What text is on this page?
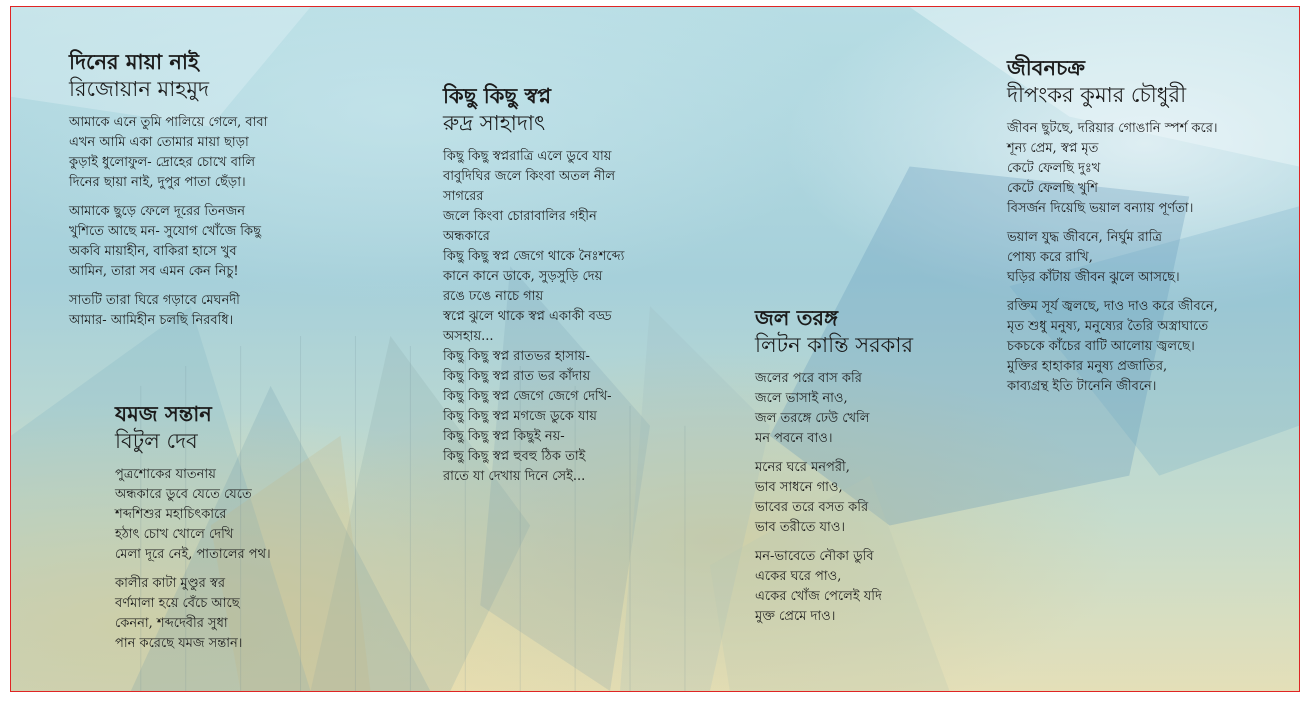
দিনের মায়া নাই
রিজোয়ান মাহমুদ
আমাকে এনে তুমি পালিয়ে গেলে, বাবা
এখন আমি একা তোমার মায়া ছাড়া
কুড়াই ধুলোফুল- দ্রোহের চোখে বালি
দিনের ছায়া নাই, দুপুর পাতা ছেঁড়া।
আমাকে ছুড়ে ফেলে দূরের তিনজন
খুশিতে আছে মন- সুযোগ খোঁজে কিছু
অকবি মায়াহীন, বাকিরা হাসে খুব
আমিন, তারা সব এমন কেন নিচু!
সাতটি তারা ঘিরে গড়াবে মেঘনদী
আমার- আমিহীন চলছি নিরবধি।
যমজ সন্তান
বিটুল দেব
পুত্রশোকের যাতনায়
অন্ধকারে ডুবে যেতে যেতে
শব্দশিশুর মহাচিৎকারে
হঠাৎ চোখ খোলে দেখি
মেলা দূরে নেই, পাতালের পথ।
কালীর কাটা মুণ্ডুর স্বর
বর্ণমালা হয়ে বেঁচে আছে
কেননা, শব্দদেবীর সুধা
পান করেছে যমজ সন্তান।
কিছু কিছু স্বপ্ন
রুদ্র সাহাদাৎ
কিছু কিছু স্বপ্নরাত্রি এলে ডুবে যায়
বাবুদিঘির জলে কিংবা অতল নীল
সাগরের
জলে কিংবা চোরাবালির গহীন
অন্ধকারে
কিছু কিছু স্বপ্ন জেগে থাকে নৈঃশব্দ্যে
কানে কানে ডাকে, সুড়সুড়ি দেয়
রঙে ঢঙে নাচে গায়
স্বপ্নে ঝুলে থাকে স্বপ্ন একাকী বড্ড
অসহায়...
কিছু কিছু স্বপ্ন রাতভর হাসায়-
কিছু কিছু স্বপ্ন রাত ভর কাঁদায়
কিছু কিছু স্বপ্ন জেগে জেগে দেখি-
কিছু কিছু স্বপ্ন মগজে ডুকে যায়
কিছু কিছু স্বপ্ন কিছুই নয়-
কিছু কিছু স্বপ্ন হুবহু ঠিক তাই
রাতে যা দেখায় দিনে সেই...
জল তরঙ্গ
লিটন কান্তি সরকার
জলের পরে বাস করি
জলে ভাসাই নাও,
জল তরঙ্গে ঢেউ খেলি
মন পবনে বাও।
মনের ঘরে মনপরী,
ভাব সাধনে গাও,
ভাবের তরে বসত করি
ভাব তরীতে যাও।
মন-ভাবেতে নৌকা ডুবি
একের ঘরে পাও,
একের খোঁজ পেলেই যদি
মুক্ত প্রেমে দাও।
জীবনচক্র
দীপংকর কুমার চৌধুরী
জীবন ছুটছে, দরিয়ার গোঙানি স্পর্শ করে।
শূন্য প্রেম, স্বপ্ন মৃত
কেটে ফেলছি দুঃখ
কেটে ফেলছি খুশি
বিসর্জন দিয়েছি ভয়াল বন্যায় পূর্ণতা।
ভয়াল যুদ্ধ জীবনে, নির্ঘুম রাত্রি
পোষ্য করে রাখি,
ঘড়ির কাঁটায় জীবন ঝুলে আসছে।
রক্তিম সূর্য জ্বলছে, দাও দাও করে জীবনে,
মৃত শুধু মনুষ্য, মনুষ্যের তৈরি অস্ত্রাঘাতে
চকচকে কাঁচের বাটি আলোয় জ্বলছে।
মুক্তির হাহাকার মনুষ্য প্রজাতির,
কাব্যগ্রন্থ ইতি টানেনি জীবনে।
